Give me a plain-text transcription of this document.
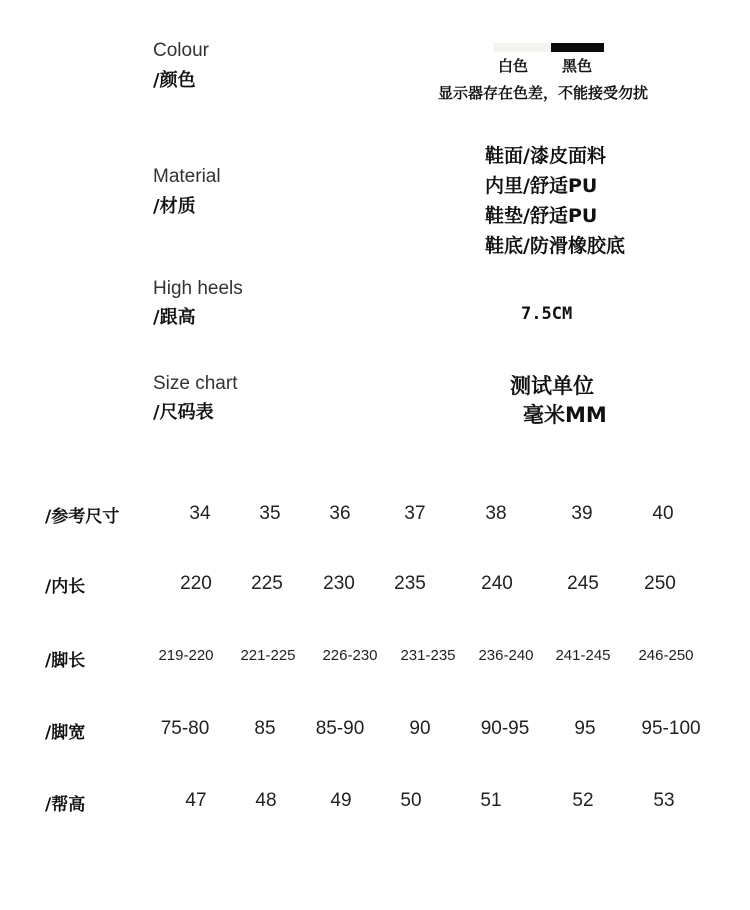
Colour
/颜色
白色 黑色
显示器存在色差，不能接受勿扰
Material
/材质
鞋面/漆皮面料
内里/舒适PU
鞋垫/舒适PU
鞋底/防滑橡胶底
High heels
/跟高	7.5CM
Size chart
/尺码表
测试单位
毫米MM
/参考尺寸	34	35	36	37	38	39	40
/内长	220 225 230 235	240	245 250
/脚长	219-220 221-225 226-230 231-235 236-240 241-245 246-250
/脚宽	75-80 85 85-90 90	90-95 95 95-100
/帮高	47	48	49	50	51	52	53
